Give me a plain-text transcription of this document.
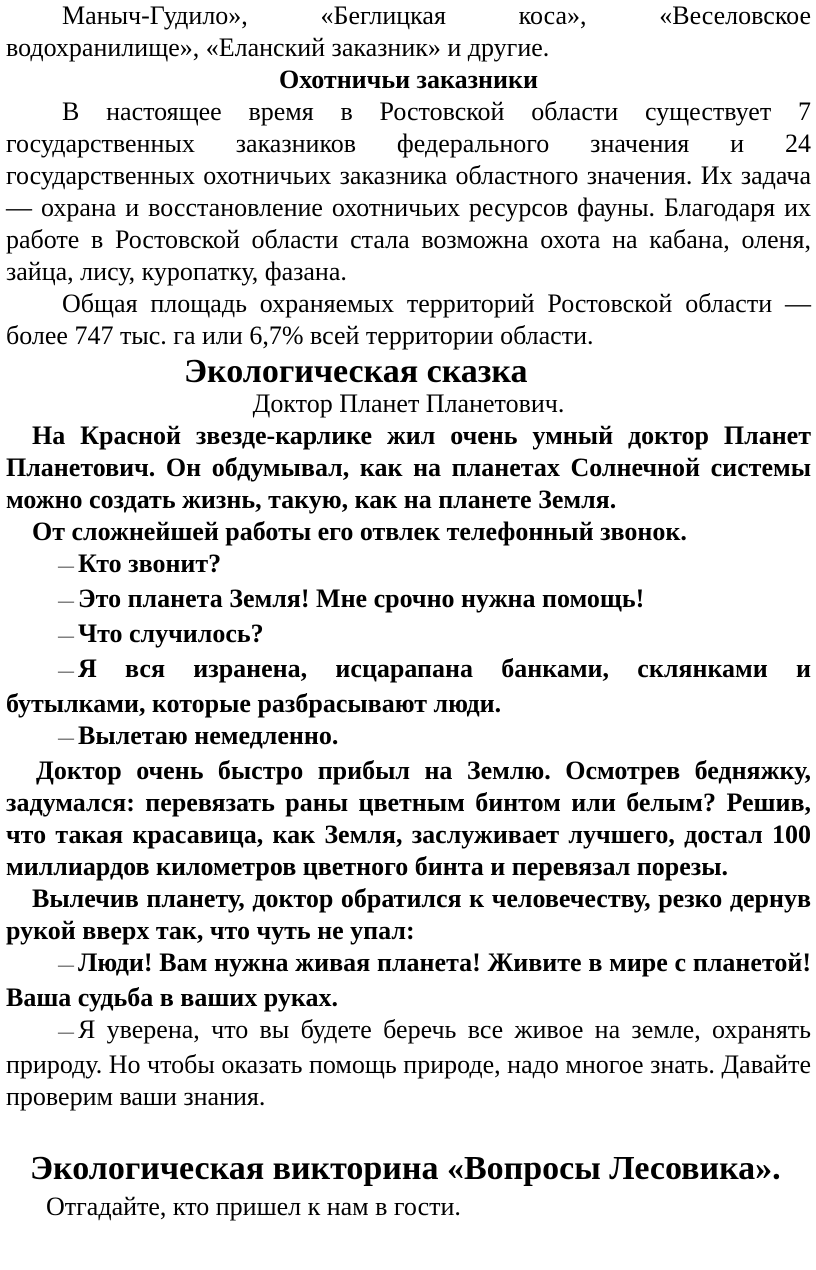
Маныч-Гудило», «Беглицкая коса», «Веселовское водохранилище», «Еланский заказник» и другие.

Охотничьи заказники

В настоящее время в Ростовской области существует 7 государственных заказников федерального значения и 24 государственных охотничьих заказника областного значения. Их задача — охрана и восстановление охотничьих ресурсов фауны. Благодаря их работе в Ростовской области стала возможна охота на кабана, оленя, зайца, лису, куропатку, фазана.

Общая площадь охраняемых территорий Ростовской области — более 747 тыс. га или 6,7% всей территории области.

Экологическая сказка

Доктор Планет Планетович.

На Красной звезде-карлике жил очень умный доктор Планет Планетович. Он обдумывал, как на планетах Солнечной системы можно создать жизнь, такую, как на планете Земля.

От сложнейшей работы его отвлек телефонный звонок.

— Кто звонит?

— Это планета Земля! Мне срочно нужна помощь!

— Что случилось?

— Я вся изранена, исцарапана банками, склянками и бутылками, которые разбрасывают люди.

— Вылетаю немедленно.

Доктор очень быстро прибыл на Землю. Осмотрев бедняжку, задумался: перевязать раны цветным бинтом или белым? Решив, что такая красавица, как Земля, заслуживает лучшего, достал 100 миллиардов километров цветного бинта и перевязал порезы.

Вылечив планету, доктор обратился к человечеству, резко дернув рукой вверх так, что чуть не упал:

— Люди! Вам нужна живая планета! Живите в мире с планетой! Ваша судьба в ваших руках.

— Я уверена, что вы будете беречь все живое на земле, охранять природу. Но чтобы оказать помощь природе, надо многое знать. Давайте проверим ваши знания.

Экологическая викторина «Вопросы Лесовика».

Отгадайте, кто пришел к нам в гости.
